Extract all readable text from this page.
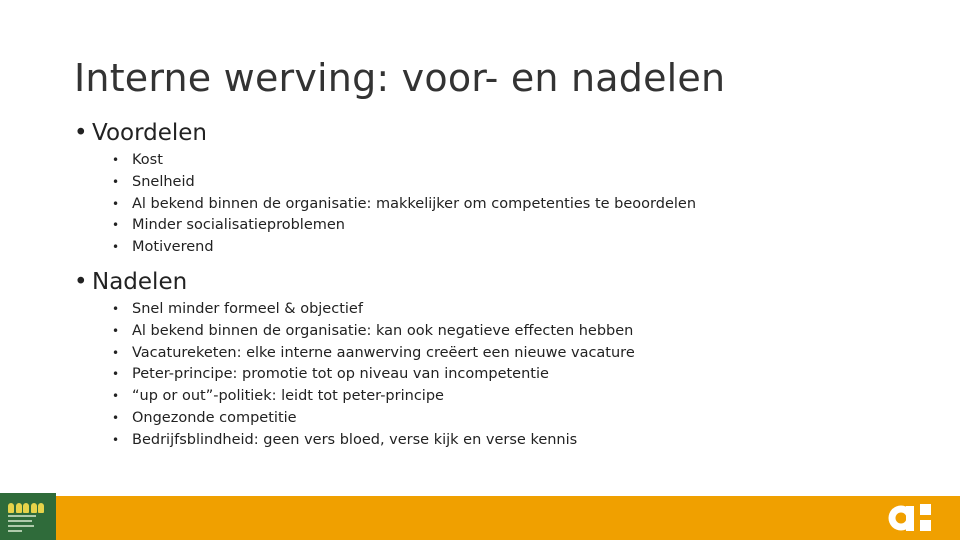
Interne werving: voor- en nadelen
• Voordelen
• Kost
• Snelheid
• Al bekend binnen de organisatie: makkelijker om competenties te beoordelen
• Minder socialisatieproblemen
• Motiverend
• Nadelen
• Snel minder formeel & objectief
• Al bekend binnen de organisatie: kan ook negatieve effecten hebben
• Vacatureketen: elke interne aanwerving creëert een nieuwe vacature
• Peter-principe: promotie tot op niveau van incompetentie
• “up or out”-politiek: leidt tot peter-principe
• Ongezonde competitie
• Bedrijfsblindheid: geen vers bloed, verse kijk en verse kennis
